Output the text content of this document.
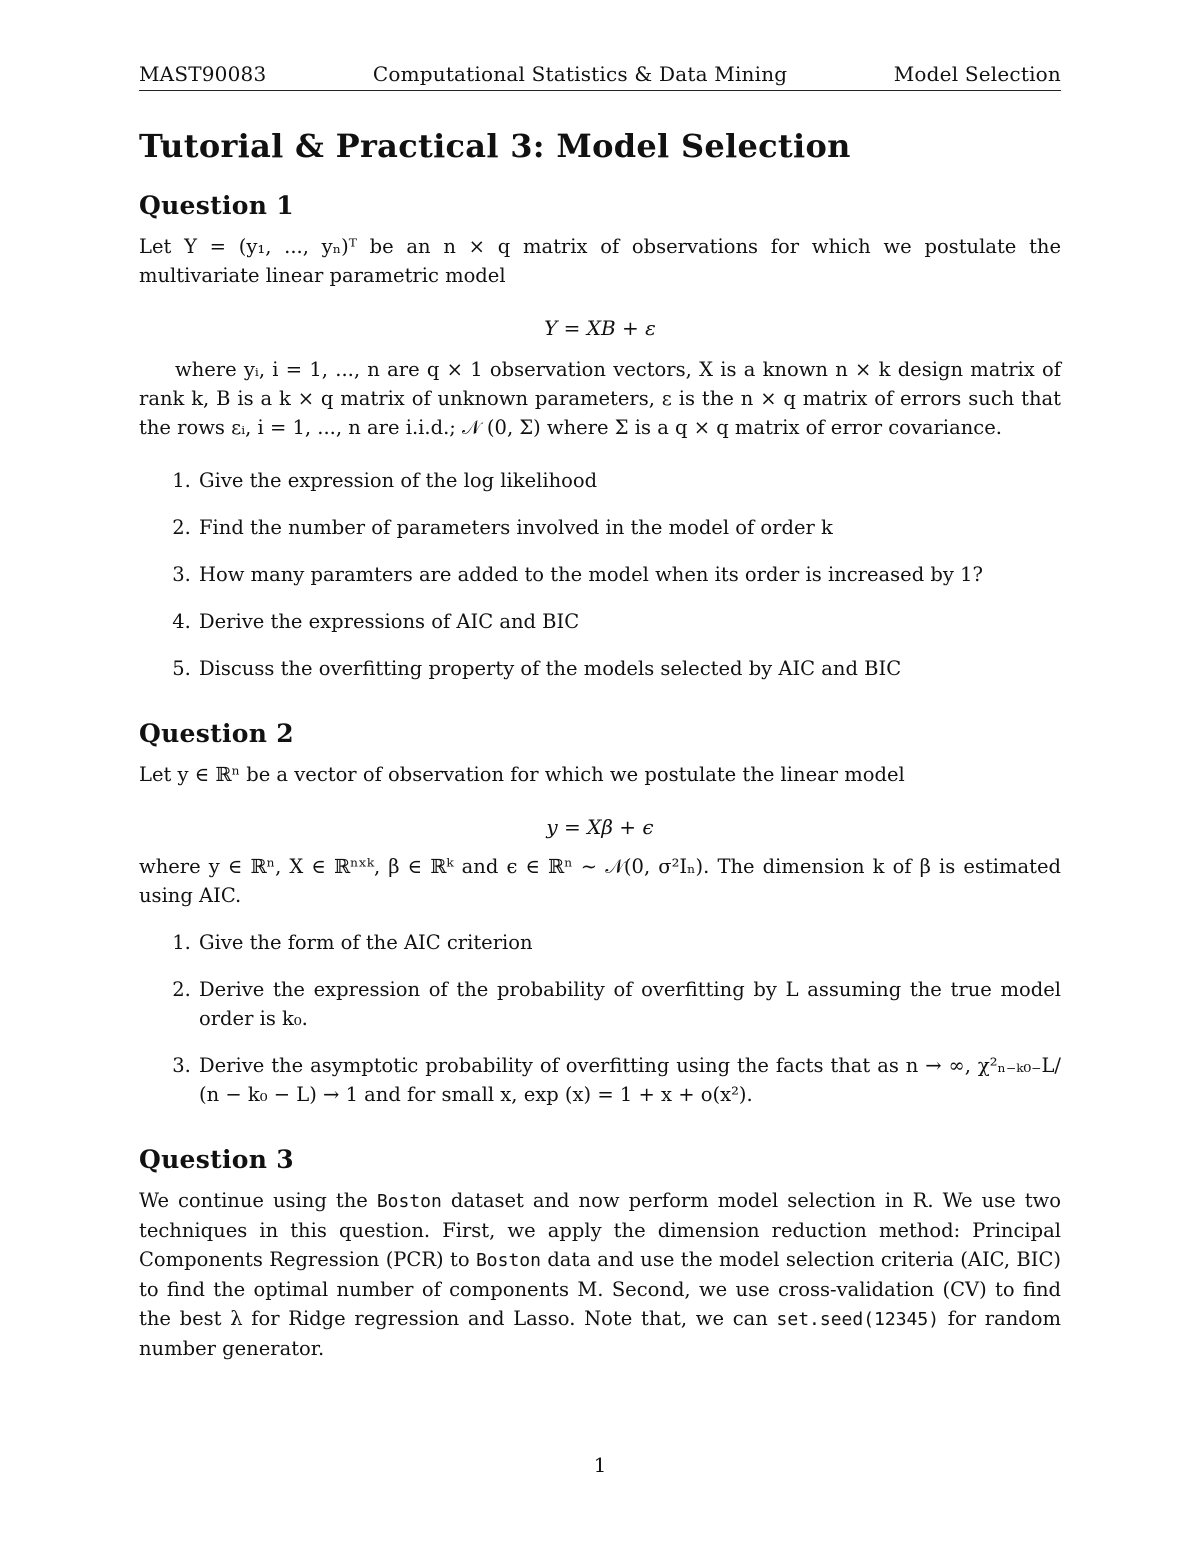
MAST90083	Computational Statistics & Data Mining	Model Selection
Tutorial & Practical 3: Model Selection
Question 1

Let Y = (y₁, ..., yₙ)ᵀ be an n × q matrix of observations for which we postulate the multivariate linear parametric model

Y = XB + ε

where yᵢ, i = 1, ..., n are q × 1 observation vectors, X is a known n × k design matrix of rank k, B is a k × q matrix of unknown parameters, ε is the n × q matrix of errors such that the rows εᵢ, i = 1, ..., n are i.i.d.; 𝒩 (0, Σ) where Σ is a q × q matrix of error covariance.

1. Give the expression of the log likelihood
2. Find the number of parameters involved in the model of order k
3. How many paramters are added to the model when its order is increased by 1?
4. Derive the expressions of AIC and BIC
5. Discuss the overfitting property of the models selected by AIC and BIC
Question 2

Let y ∈ ℝⁿ be a vector of observation for which we postulate the linear model

y = Xβ + ϵ

where y ∈ ℝⁿ, X ∈ ℝⁿˣᵏ, β ∈ ℝᵏ and ϵ ∈ ℝⁿ ∼ 𝒩(0, σ²Iₙ). The dimension k of β is estimated using AIC.

1. Give the form of the AIC criterion
2. Derive the expression of the probability of overfitting by L assuming the true model order is k₀.
3. Derive the asymptotic probability of overfitting using the facts that as n → ∞, χ²ₙ₋ₖ₀₋L/ (n − k₀ − L) → 1 and for small x, exp (x) = 1 + x + o(x²).
Question 3

We continue using the Boston dataset and now perform model selection in R. We use two techniques in this question. First, we apply the dimension reduction method: Principal Components Regression (PCR) to Boston data and use the model selection criteria (AIC, BIC) to find the optimal number of components M. Second, we use cross-validation (CV) to find the best λ for Ridge regression and Lasso. Note that, we can set.seed(12345) for random number generator.

1
